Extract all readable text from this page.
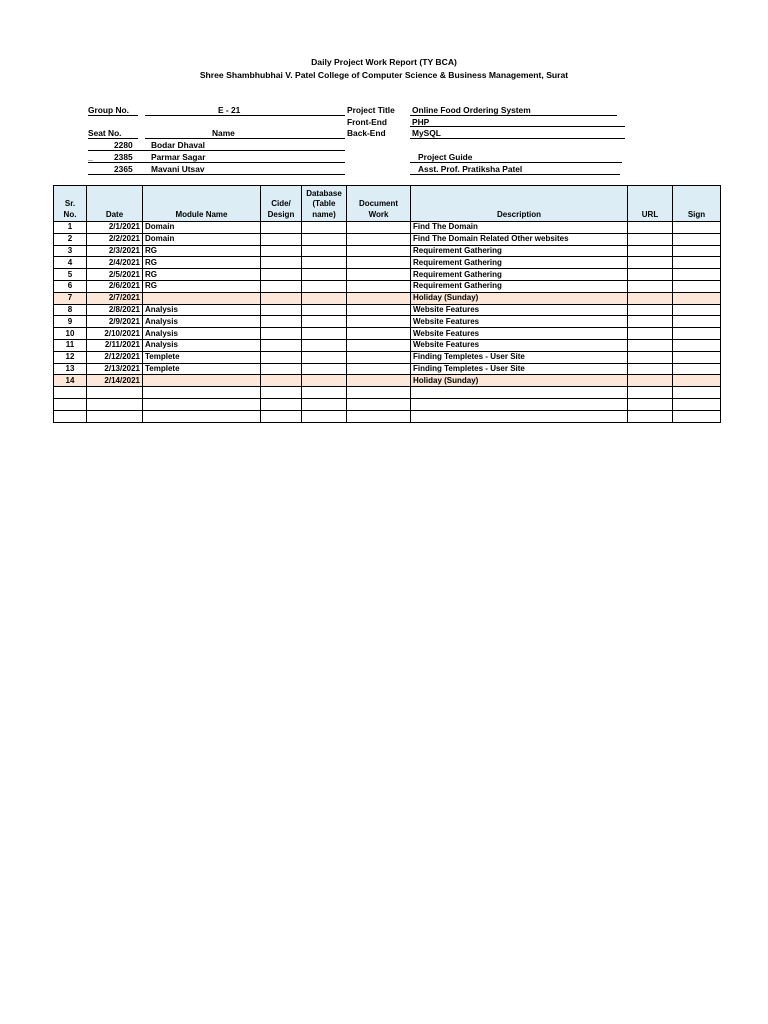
Daily Project Work Report (TY BCA)
Shree Shambhubhai V. Patel College of Computer Science & Business Management, Surat
Group No.	E - 21
Seat No.	Name
2280 Bodar Dhaval
_	2385 Parmar Sagar
2365 Mavani Utsav
Project Title Online Food Ordering System
Front-End	PHP
Back-End	MySQL
Project Guide
Asst. Prof. Pratiksha Patel
Sr.
No.	Date	Module Name	Cide/
Design	Database
(Table
name)	Document
Work	Description	URL	Sign
1	2/1/2021	Domain				Find The Domain		
2	2/2/2021	Domain				Find The Domain Related Other websites		
3	2/3/2021	RG				Requirement Gathering		
4	2/4/2021	RG				Requirement Gathering		
5	2/5/2021	RG				Requirement Gathering		
6	2/6/2021	RG				Requirement Gathering		
7	2/7/2021					Holiday (Sunday)		
8	2/8/2021	Analysis				Website Features		
9	2/9/2021	Analysis				Website Features		
10	2/10/2021	Analysis				Website Features		
11	2/11/2021	Analysis				Website Features		
12	2/12/2021	Templete				Finding Templetes - User Site		
13	2/13/2021	Templete				Finding Templetes - User Site		
14	2/14/2021					Holiday (Sunday)		
